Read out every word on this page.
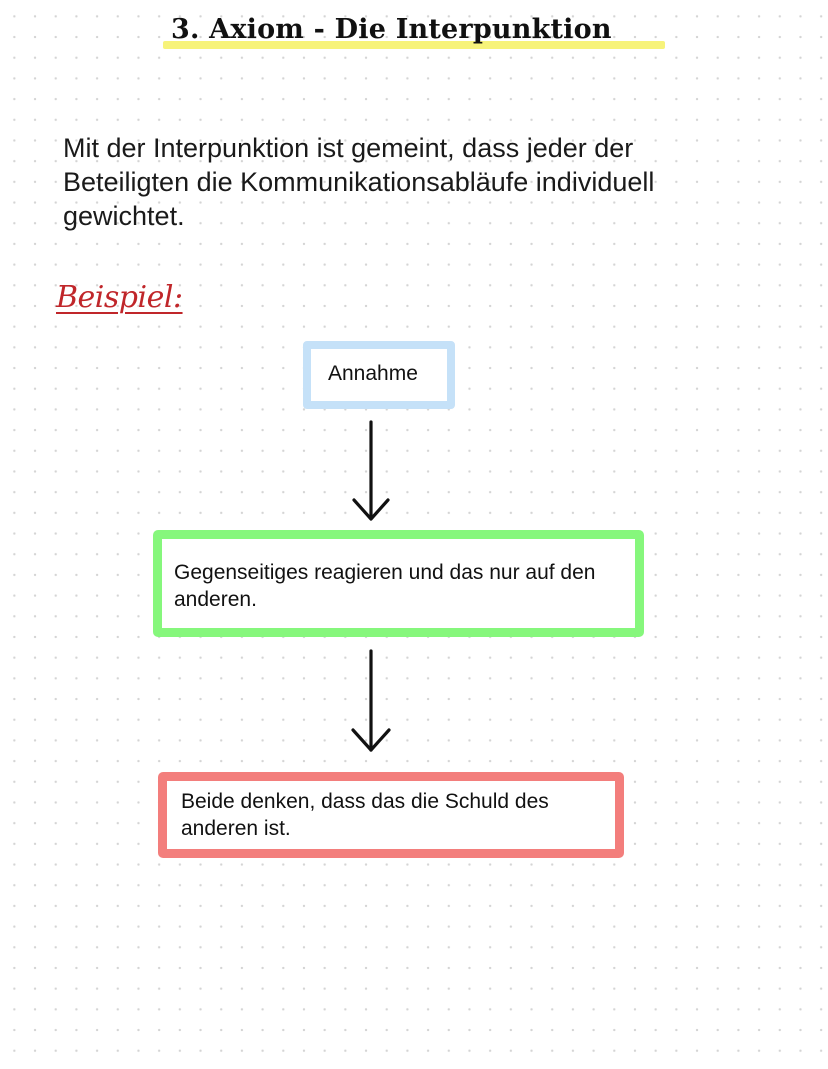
3. Axiom - Die Interpunktion
Mit der Interpunktion ist gemeint, dass jeder der Beteiligten die Kommunikationsabläufe individuell gewichtet.
Beispiel:
Annahme
Gegenseitiges reagieren und das nur auf den anderen.
Beide denken, dass das die Schuld des anderen ist.
